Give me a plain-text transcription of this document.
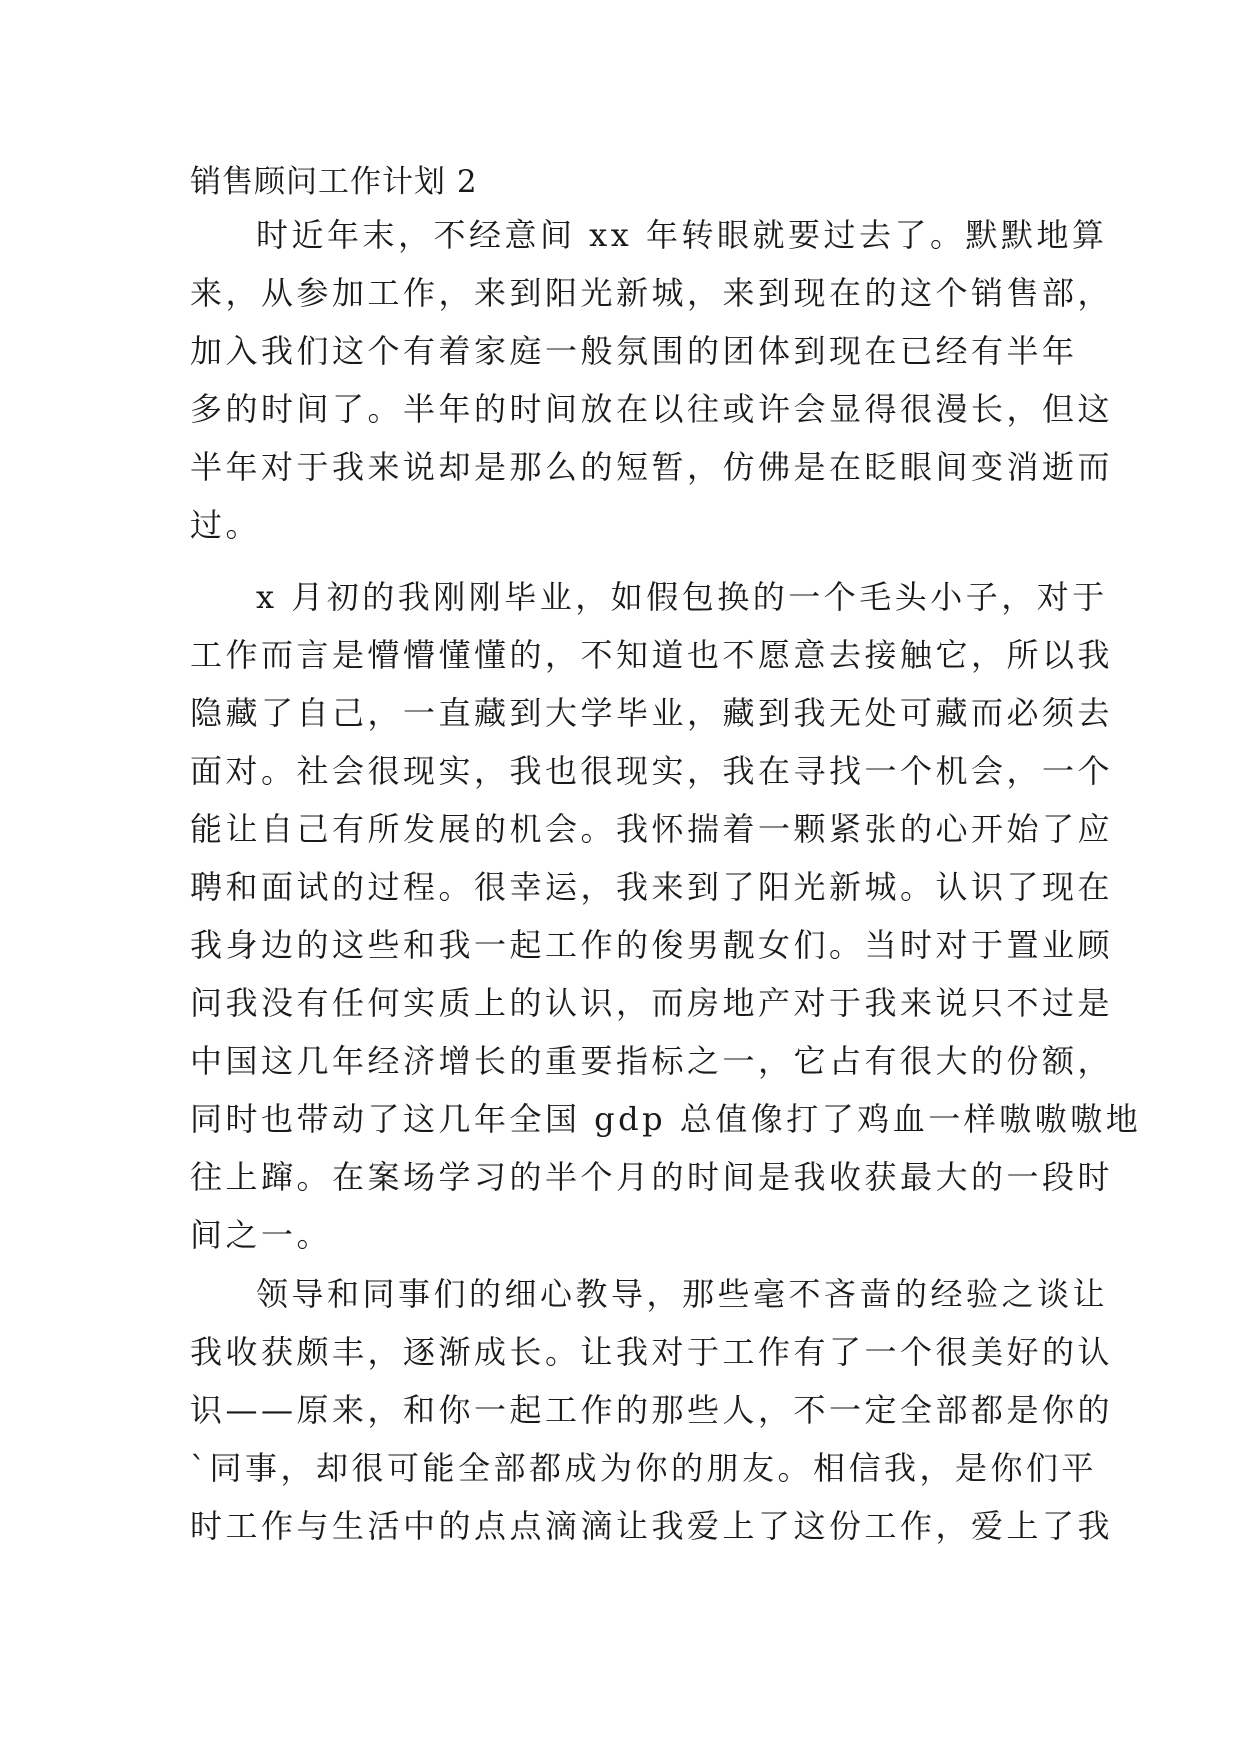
销售顾问工作计划 2
时近年末，不经意间 xx 年转眼就要过去了。默默地算
来，从参加工作，来到阳光新城，来到现在的这个销售部，
加入我们这个有着家庭一般氛围的团体到现在已经有半年
多的时间了。半年的时间放在以往或许会显得很漫长，但这
半年对于我来说却是那么的短暂，仿佛是在眨眼间变消逝而
过。
x 月初的我刚刚毕业，如假包换的一个毛头小子，对于
工作而言是懵懵懂懂的，不知道也不愿意去接触它，所以我
隐藏了自己，一直藏到大学毕业，藏到我无处可藏而必须去
面对。社会很现实，我也很现实，我在寻找一个机会，一个
能让自己有所发展的机会。我怀揣着一颗紧张的心开始了应
聘和面试的过程。很幸运，我来到了阳光新城。认识了现在
我身边的这些和我一起工作的俊男靓女们。当时对于置业顾
问我没有任何实质上的认识，而房地产对于我来说只不过是
中国这几年经济增长的重要指标之一，它占有很大的份额，
同时也带动了这几年全国 gdp 总值像打了鸡血一样嗷嗷嗷地
往上蹿。在案场学习的半个月的时间是我收获最大的一段时
间之一。
领导和同事们的细心教导，那些毫不吝啬的经验之谈让
我收获颇丰，逐渐成长。让我对于工作有了一个很美好的认
识——原来，和你一起工作的那些人，不一定全部都是你的
`同事，却很可能全部都成为你的朋友。相信我，是你们平
时工作与生活中的点点滴滴让我爱上了这份工作，爱上了我
